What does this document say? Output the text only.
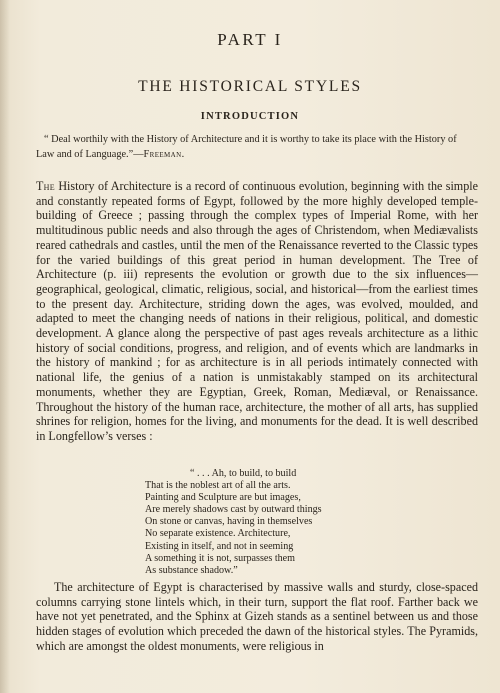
PART I
THE HISTORICAL STYLES
INTRODUCTION
“ Deal worthily with the History of Architecture and it is worthy to take its place with the History of Law and of Language.”—Freeman.
The History of Architecture is a record of continuous evolution, beginning with the simple and constantly repeated forms of Egypt, followed by the more highly developed temple-building of Greece ; passing through the complex types of Imperial Rome, with her multitudinous public needs and also through the ages of Christendom, when Mediævalists reared cathedrals and castles, until the men of the Renaissance reverted to the Classic types for the varied buildings of this great period in human development. The Tree of Architecture (p. iii) represents the evolution or growth due to the six influences—geographical, geological, climatic, religious, social, and historical—from the earliest times to the present day. Architecture, striding down the ages, was evolved, moulded, and adapted to meet the changing needs of nations in their religious, political, and domestic development. A glance along the perspective of past ages reveals architecture as a lithic history of social conditions, progress, and religion, and of events which are landmarks in the history of mankind ; for as architecture is in all periods intimately connected with national life, the genius of a nation is unmistakably stamped on its architectural monuments, whether they are Egyptian, Greek, Roman, Mediæval, or Renaissance. Throughout the history of the human race, architecture, the mother of all arts, has supplied shrines for religion, homes for the living, and monuments for the dead. It is well described in Longfellow’s verses :
“ . . . Ah, to build, to build
That is the noblest art of all the arts.
Painting and Sculpture are but images,
Are merely shadows cast by outward things
On stone or canvas, having in themselves
No separate existence. Architecture,
Existing in itself, and not in seeming
A something it is not, surpasses them
As substance shadow.”
The architecture of Egypt is characterised by massive walls and sturdy, close-spaced columns carrying stone lintels which, in their turn, support the flat roof. Farther back we have not yet penetrated, and the Sphinx at Gizeh stands as a sentinel between us and those hidden stages of evolution which preceded the dawn of the historical styles. The Pyramids, which are amongst the oldest monuments, were religious in
